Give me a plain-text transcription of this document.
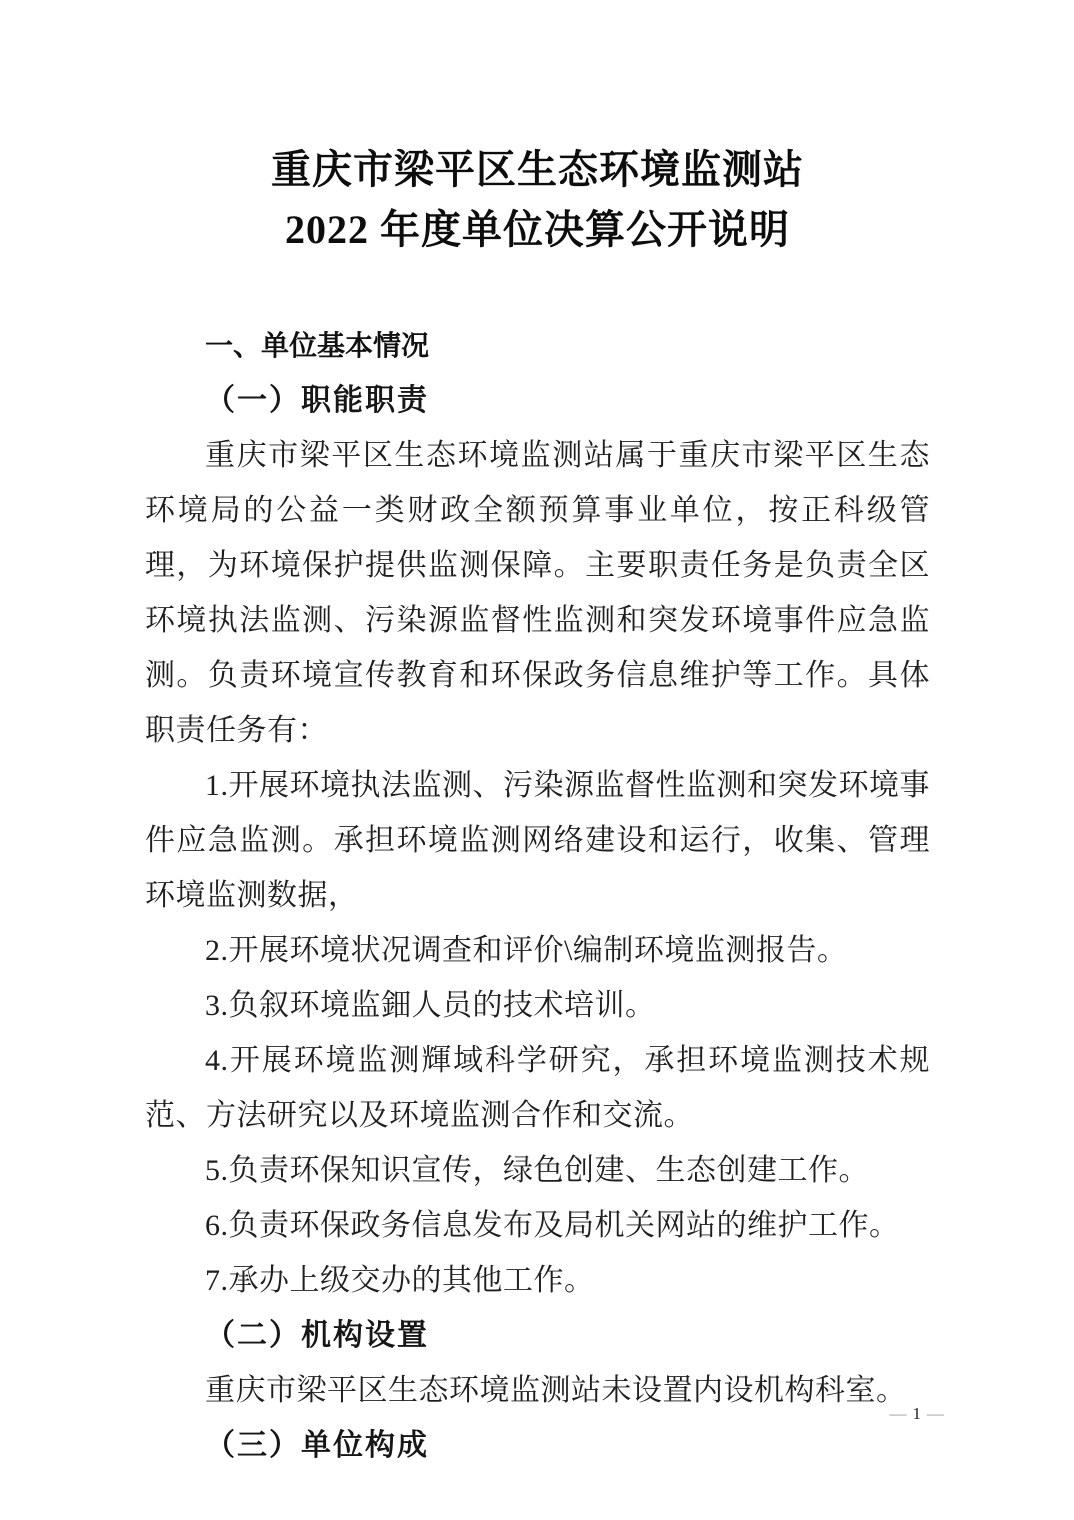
重庆市梁平区生态环境监测站
2022 年度单位决算公开说明
一、单位基本情况
（一）职能职责

重庆市梁平区生态环境监测站属于重庆市梁平区生态环境局的公益一类财政全额预算事业单位，按正科级管理，为环境保护提供监测保障。主要职责任务是负责全区环境执法监测、污染源监督性监测和突发环境事件应急监测。负责环境宣传教育和环保政务信息维护等工作。具体职责任务有：

1.开展环境执法监测、污染源监督性监测和突发环境事件应急监测。承担环境监测网络建设和运行，收集、管理环境监测数据，

2.开展环境状况调查和评价\编制环境监测报告。

3.负叙环境监鈿人员的技术培训。

4.开展环境监测輝域科学研究，承担环境监测技术规范、方法研究以及环境监测合作和交流。

5.负责环保知识宣传，绿色创建、生态创建工作。

6.负责环保政务信息发布及局机关网站的维护工作。

7.承办上级交办的其他工作。

（二）机构设置

重庆市梁平区生态环境监测站未设置内设机构科室。

（三）单位构成
— 1 —
